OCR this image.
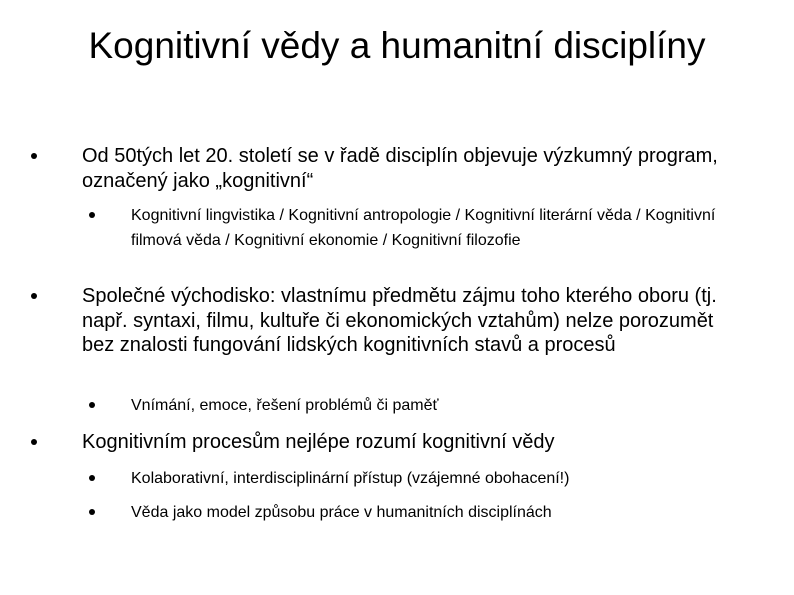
Kognitivní vědy a humanitní disciplíny
Od 50tých let 20. století se v řadě disciplín objevuje výzkumný program, označený jako „kognitivní“
Kognitivní lingvistika / Kognitivní antropologie / Kognitivní literární věda / Kognitivní filmová věda / Kognitivní ekonomie / Kognitivní filozofie
Společné východisko: vlastnímu předmětu zájmu toho kterého oboru (tj. např. syntaxi, filmu, kultuře či ekonomických vztahům) nelze porozumět bez znalosti fungování lidských kognitivních stavů a procesů
Vnímání, emoce, řešení problémů či paměť
Kognitivním procesům nejlépe rozumí kognitivní vědy
Kolaborativní, interdisciplinární přístup (vzájemné obohacení!)
Věda jako model způsobu práce v humanitních disciplínách
